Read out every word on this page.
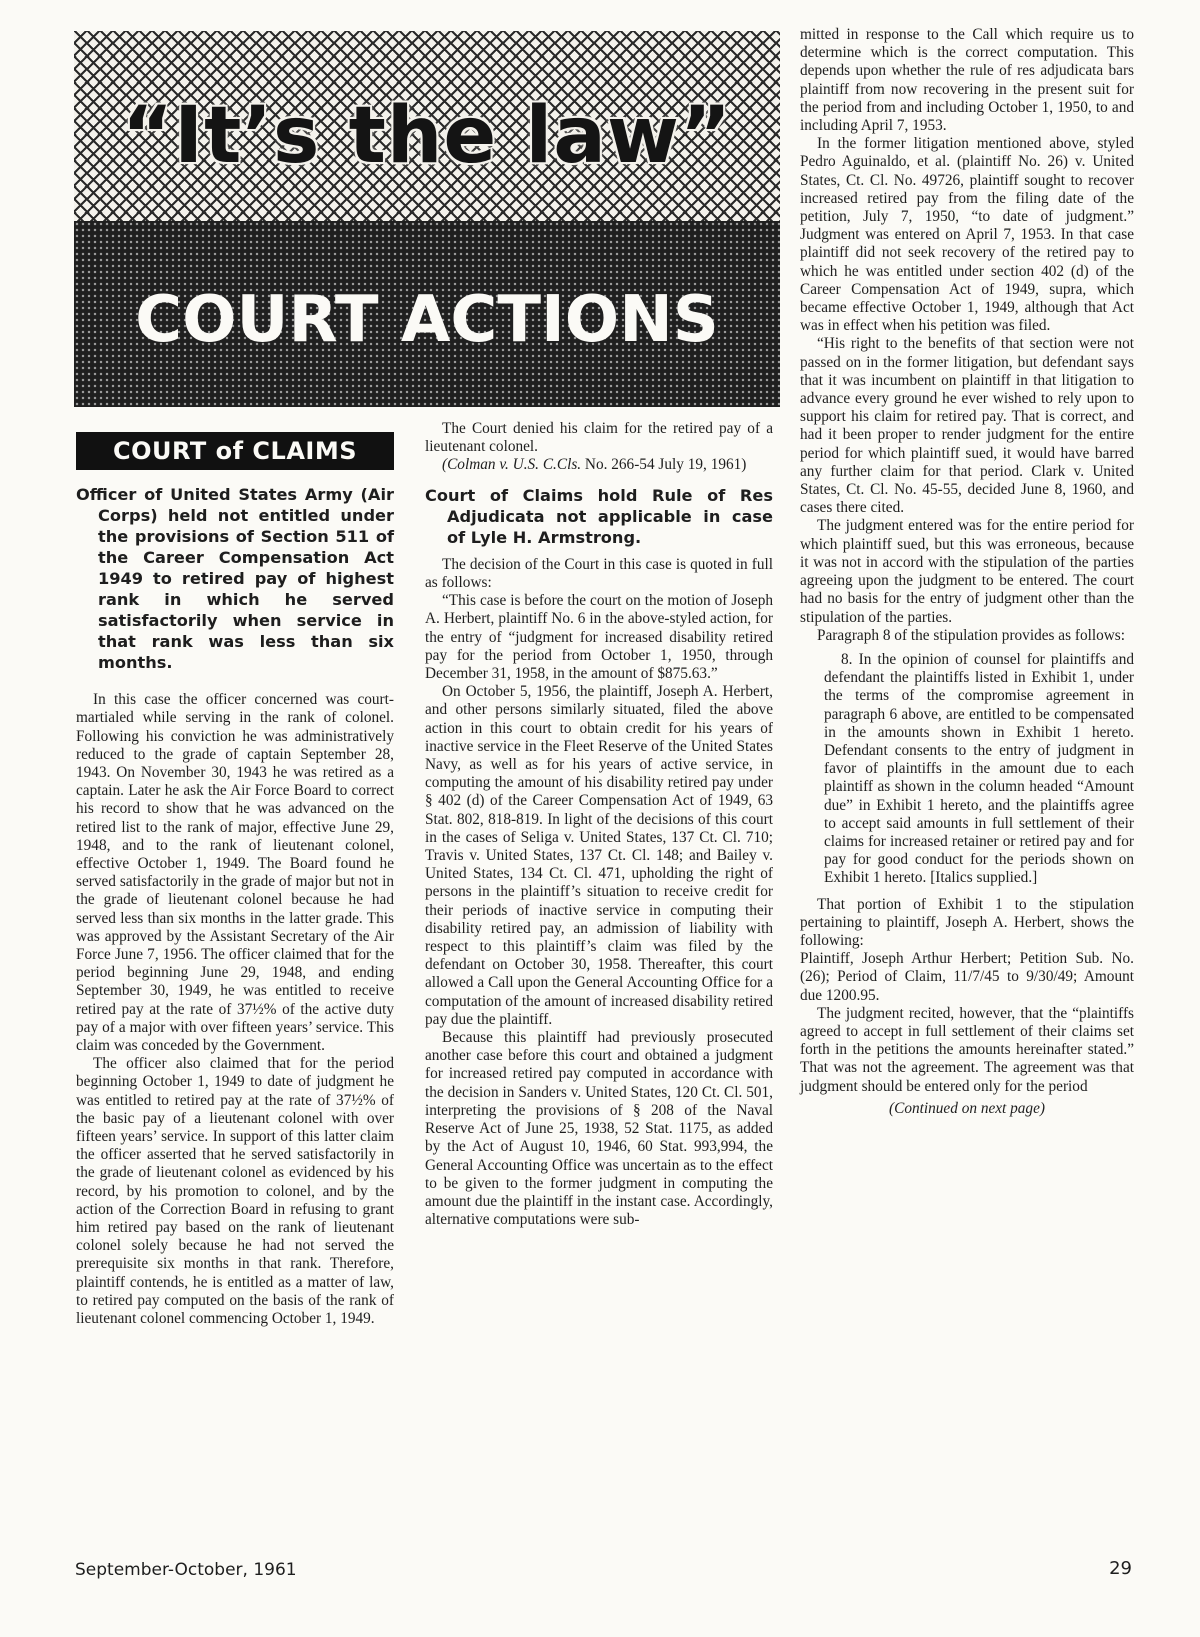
“It’s the law”
COURT ACTIONS
COURT of CLAIMS
Officer of United States Army (Air Corps) held not entitled under the provisions of Section 511 of the Career Compensation Act 1949 to retired pay of highest rank in which he served satisfactorily when service in that rank was less than six months.

In this case the officer concerned was court-martialed while serving in the rank of colonel. Following his conviction he was administratively reduced to the grade of captain September 28, 1943. On November 30, 1943 he was retired as a captain. Later he ask the Air Force Board to correct his record to show that he was advanced on the retired list to the rank of major, effective June 29, 1948, and to the rank of lieutenant colonel, effective October 1, 1949. The Board found he served satisfactorily in the grade of major but not in the grade of lieutenant colonel because he had served less than six months in the latter grade. This was approved by the Assistant Secretary of the Air Force June 7, 1956. The officer claimed that for the period beginning June 29, 1948, and ending September 30, 1949, he was entitled to receive retired pay at the rate of 37½% of the active duty pay of a major with over fifteen years’ service. This claim was conceded by the Government.

The officer also claimed that for the period beginning October 1, 1949 to date of judgment he was entitled to retired pay at the rate of 37½% of the basic pay of a lieutenant colonel with over fifteen years’ service. In support of this latter claim the officer asserted that he served satisfactorily in the grade of lieutenant colonel as evidenced by his record, by his promotion to colonel, and by the action of the Correction Board in refusing to grant him retired pay based on the rank of lieutenant colonel solely because he had not served the prerequisite six months in that rank. Therefore, plaintiff contends, he is entitled as a matter of law, to retired pay computed on the basis of the rank of lieutenant colonel commencing October 1, 1949.

The Court denied his claim for the retired pay of a lieutenant colonel.

(Colman v. U.S. C.Cls. No. 266-54 July 19, 1961)

Court of Claims hold Rule of Res Adjudicata not applicable in case of Lyle H. Armstrong.

The decision of the Court in this case is quoted in full as follows:

“This case is before the court on the motion of Joseph A. Herbert, plaintiff No. 6 in the above-styled action, for the entry of “judgment for increased disability retired pay for the period from October 1, 1950, through December 31, 1958, in the amount of $875.63.”

On October 5, 1956, the plaintiff, Joseph A. Herbert, and other persons similarly situated, filed the above action in this court to obtain credit for his years of inactive service in the Fleet Reserve of the United States Navy, as well as for his years of active service, in computing the amount of his disability retired pay under § 402 (d) of the Career Compensation Act of 1949, 63 Stat. 802, 818-819. In light of the decisions of this court in the cases of Seliga v. United States, 137 Ct. Cl. 710; Travis v. United States, 137 Ct. Cl. 148; and Bailey v. United States, 134 Ct. Cl. 471, upholding the right of persons in the plaintiff’s situation to receive credit for their periods of inactive service in computing their disability retired pay, an admission of liability with respect to this plaintiff’s claim was filed by the defendant on October 30, 1958. Thereafter, this court allowed a Call upon the General Accounting Office for a computation of the amount of increased disability retired pay due the plaintiff.

Because this plaintiff had previously prosecuted another case before this court and obtained a judgment for increased retired pay computed in accordance with the decision in Sanders v. United States, 120 Ct. Cl. 501, interpreting the provisions of § 208 of the Naval Reserve Act of June 25, 1938, 52 Stat. 1175, as added by the Act of August 10, 1946, 60 Stat. 993,994, the General Accounting Office was uncertain as to the effect to be given to the former judgment in computing the amount due the plaintiff in the instant case. Accordingly, alternative computations were sub-

mitted in response to the Call which require us to determine which is the correct computation. This depends upon whether the rule of res adjudicata bars plaintiff from now recovering in the present suit for the period from and including October 1, 1950, to and including April 7, 1953.

In the former litigation mentioned above, styled Pedro Aguinaldo, et al. (plaintiff No. 26) v. United States, Ct. Cl. No. 49726, plaintiff sought to recover increased retired pay from the filing date of the petition, July 7, 1950, “to date of judgment.” Judgment was entered on April 7, 1953. In that case plaintiff did not seek recovery of the retired pay to which he was entitled under section 402 (d) of the Career Compensation Act of 1949, supra, which became effective October 1, 1949, although that Act was in effect when his petition was filed.

“His right to the benefits of that section were not passed on in the former litigation, but defendant says that it was incumbent on plaintiff in that litigation to advance every ground he ever wished to rely upon to support his claim for retired pay. That is correct, and had it been proper to render judgment for the entire period for which plaintiff sued, it would have barred any further claim for that period. Clark v. United States, Ct. Cl. No. 45-55, decided June 8, 1960, and cases there cited.

The judgment entered was for the entire period for which plaintiff sued, but this was erroneous, because it was not in accord with the stipulation of the parties agreeing upon the judgment to be entered. The court had no basis for the entry of judgment other than the stipulation of the parties.

Paragraph 8 of the stipulation provides as follows:

8. In the opinion of counsel for plaintiffs and defendant the plaintiffs listed in Exhibit 1, under the terms of the compromise agreement in paragraph 6 above, are entitled to be compensated in the amounts shown in Exhibit 1 hereto. Defendant consents to the entry of judgment in favor of plaintiffs in the amount due to each plaintiff as shown in the column headed “Amount due” in Exhibit 1 hereto, and the plaintiffs agree to accept said amounts in full settlement of their claims for increased retainer or retired pay and for pay for good conduct for the periods shown on Exhibit 1 hereto. [Italics supplied.]

That portion of Exhibit 1 to the stipulation pertaining to plaintiff, Joseph A. Herbert, shows the following:

Plaintiff, Joseph Arthur Herbert; Petition Sub. No. (26); Period of Claim, 11/7/45 to 9/30/49; Amount due 1200.95.

The judgment recited, however, that the “plaintiffs agreed to accept in full settlement of their claims set forth in the petitions the amounts hereinafter stated.” That was not the agreement. The agreement was that judgment should be entered only for the period

(Continued on next page)

September-October, 1961	29
